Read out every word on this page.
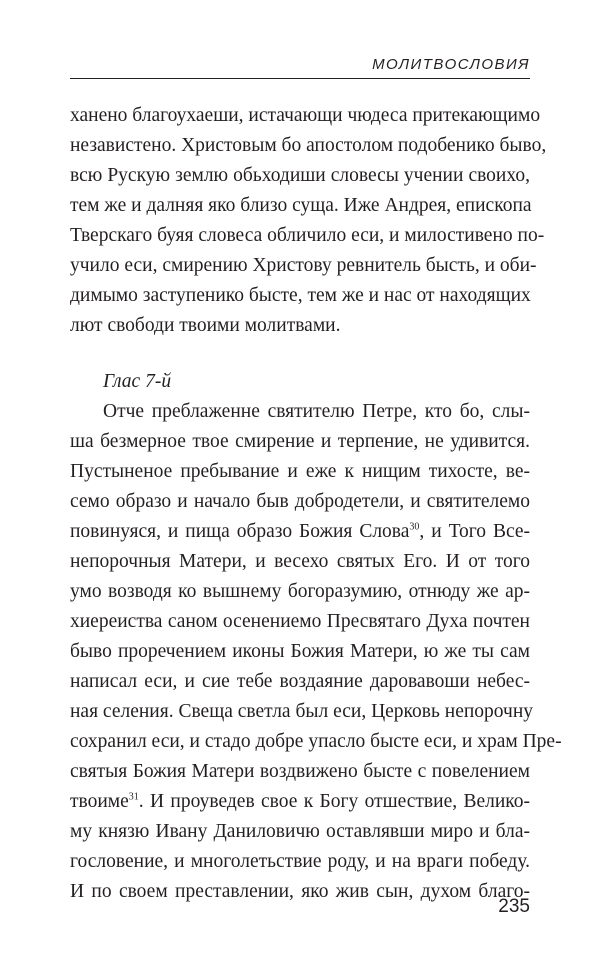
МОЛИТВОСЛОВИЯ
ханено благоухаеши, истачающи чюдеса притекающимо
независтено. Христовым бо апостолом подобенико быво,
всю Рускую землю обьходиши словесы учении своихо,
тем же и далняя яко близо суща. Иже Андрея, епископа
Тверскаго буяя словеса обличило еси, и милостивено по-
учило еси, смирению Христову ревнитель бысть, и оби-
димымо заступенико бысте, тем же и нас от находящих
лют свободи твоими молитвами.
Глас 7-й
Отче преблаженне святителю Петре, кто бо, слы-
ша безмерное твое смирение и терпение, не удивится.
Пустыненое пребывание и еже к нищим тихосте, ве-
семо образо и начало быв добродетели, и святителемо
повинуяся, и пища образо Божия Слова$^{30}$, и Того Все-
непорочныя Матери, и весехо святых Его. И от того
умо возводя ко вышнему богоразумию, отнюду же ар-
хиереиства саном осенениемо Пресвятаго Духа почтен
быво проречением иконы Божия Матери, ю же ты сам
написал еси, и сие тебе воздаяние даровавоши небес-
ная селения. Свеща светла был еси, Церковь непорочну
сохранил еси, и стадо добре упасло бысте еси, и храм Пре-
святыя Божия Матери воздвижено бысте с повелением
твоиме$^{31}$. И проуведев свое к Богу отшествие, Велико-
му князю Ивану Даниловичю оставлявши миро и бла-
гословение, и многолетьствие роду, и на враги победу.
И по своем преставлении, яко жив сын, духом благо-
235
